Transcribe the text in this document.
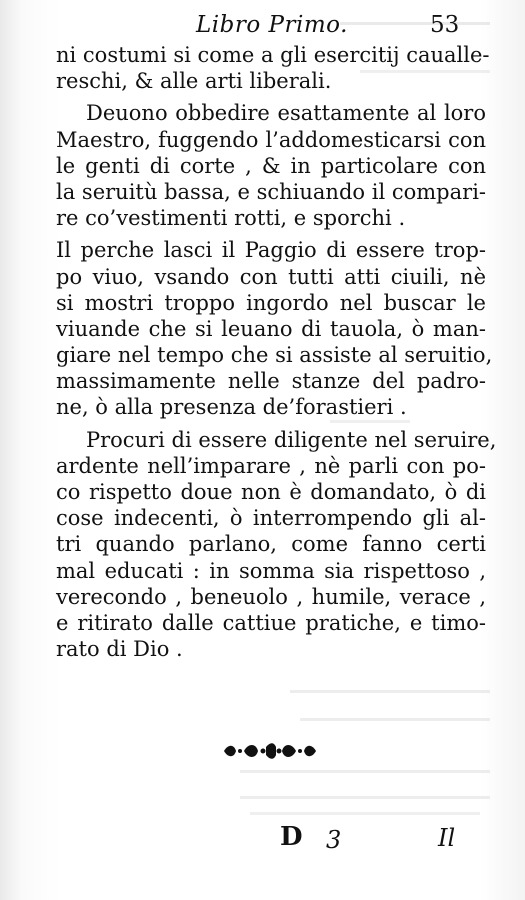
Libro Primo.	53
ni costumi si come a gli esercitij caualle-
reschi, & alle arti liberali.
Deuono obbedire esattamente al loro
Maestro, fuggendo l’addomesticarsi con
le genti di corte , & in particolare con
la seruitù bassa, e schiuando il compari-
re co’vestimenti rotti, e sporchi .
Il perche lasci il Paggio di essere trop-
po viuo, vsando con tutti atti ciuili, nè
si mostri troppo ingordo nel buscar le
viuande che si leuano di tauola, ò man-
giare nel tempo che si assiste al seruitio,
massimamente nelle stanze del padro-
ne, ò alla presenza de’forastieri .
Procuri di essere diligente nel seruire,
ardente nell’imparare , nè parli con po-
co rispetto doue non è domandato, ò di
cose indecenti, ò interrompendo gli al-
tri quando parlano, come fanno certi
mal educati : in somma sia rispettoso ,
verecondo , beneuolo , humile, verace ,
e ritirato dalle cattiue pratiche, e timo-
rato di Dio .
D 3	Il
